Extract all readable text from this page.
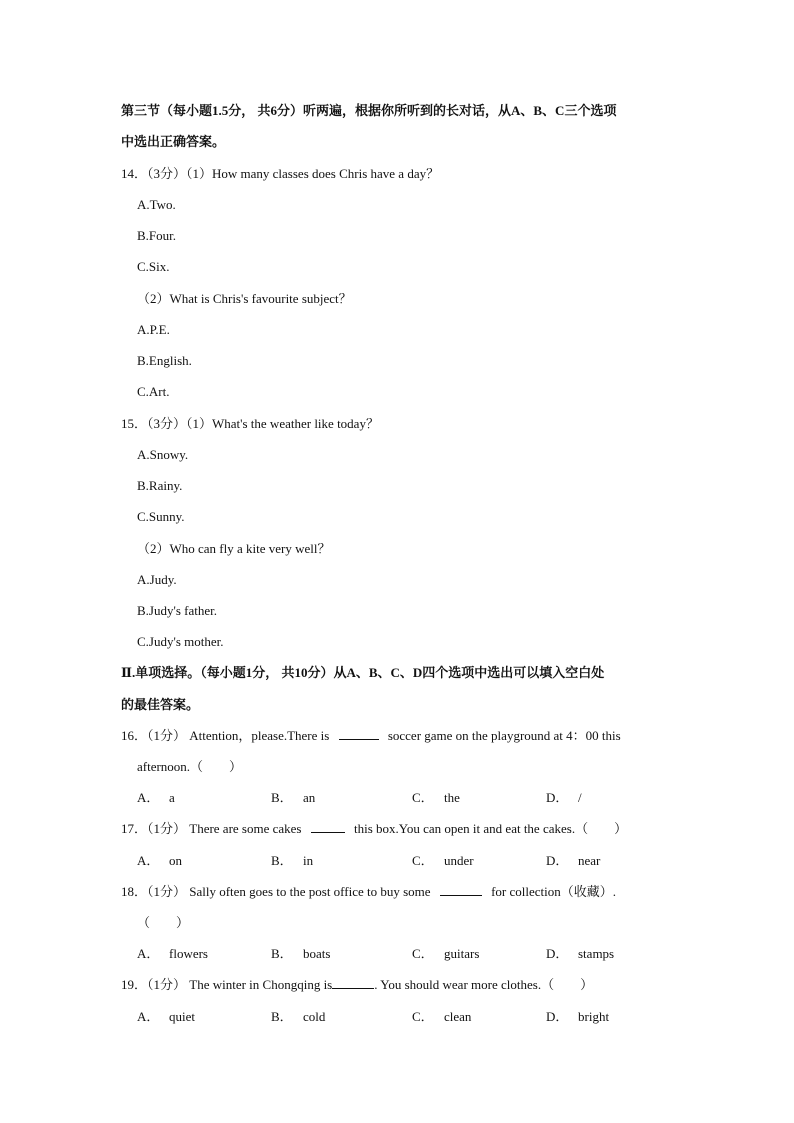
第三节（每小题1.5分， 共6分）听两遍，根据你所听到的长对话，从A、B、C三个选项
中选出正确答案。
14．（3分）（1）How many classes does Chris have a day？
A.Two.
B.Four.
C.Six.
（2）What is Chris's favourite subject？
A.P.E.
B.English.
C.Art.
15．（3分）（1）What's the weather like today？
A.Snowy.
B.Rainy.
C.Sunny.
（2）Who can fly a kite very well？
A.Judy.
B.Judy's father.
C.Judy's mother.
Ⅱ.单项选择。（每小题1分， 共10分）从A、B、C、D四个选项中选出可以填入空白处
的最佳答案。
16．（1分） Attention，please.There is	soccer game on the playground at 4：00 this
afternoon.（　　）
A． a	B． an	C． the	D． /
17．（1分） There are some cakes	this box.You can open it and eat the cakes.（　　）
A． on	B． in	C． under	D． near
18．（1分） Sally often goes to the post office to buy some	for collection（收藏）.
（　　）
A． flowers	B． boats	C． guitars	D． stamps
19．（1分） The winter in Chongqing is	. You should wear more clothes.（　　）
A． quiet	B． cold	C． clean	D． bright
